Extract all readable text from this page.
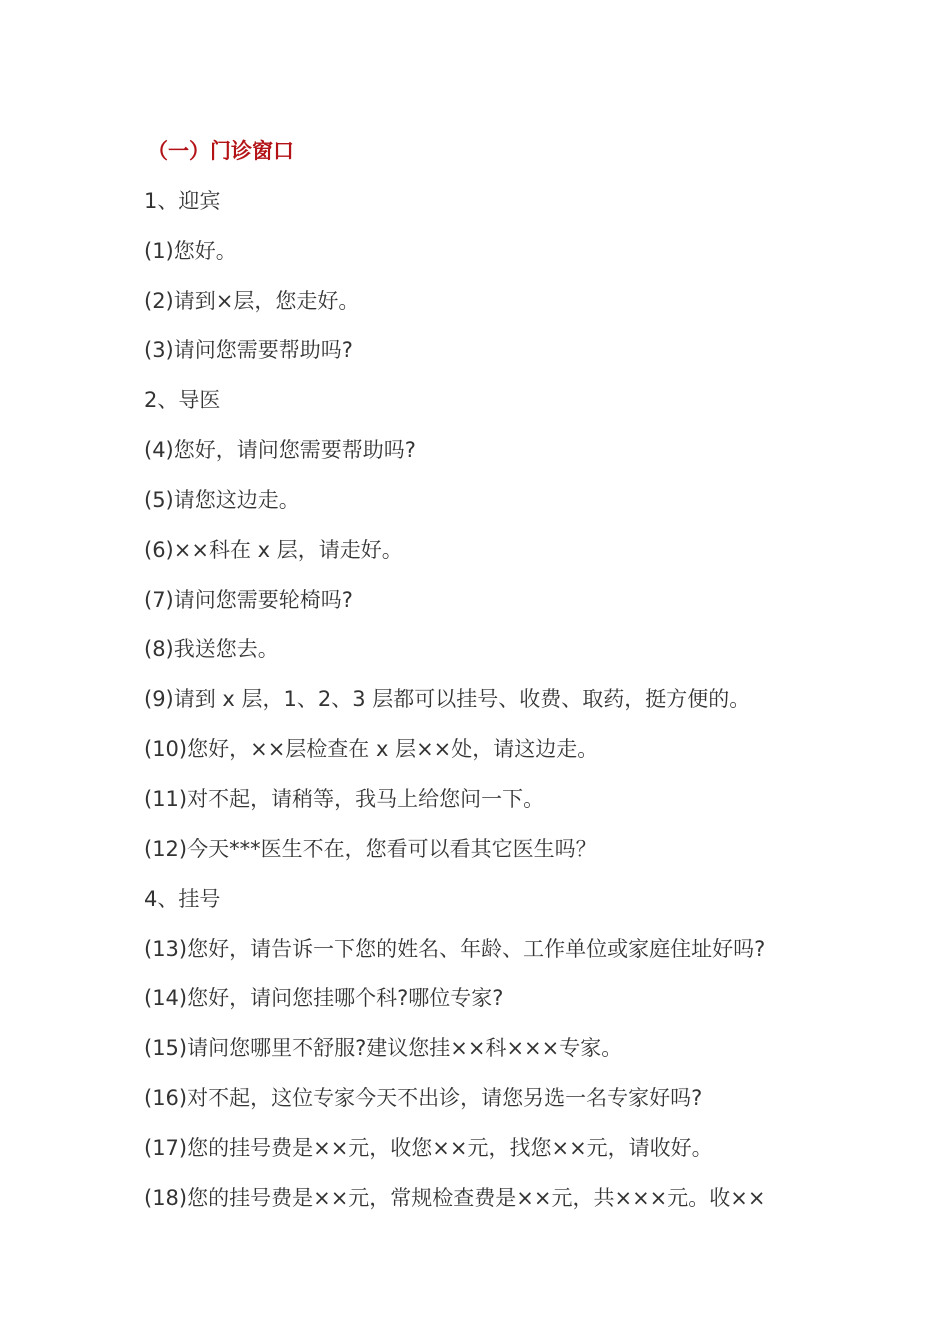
（一）门诊窗口
1、迎宾
(1)您好。
(2)请到×层，您走好。
(3)请问您需要帮助吗?
2、导医
(4)您好，请问您需要帮助吗?
(5)请您这边走。
(6)××科在 x 层，请走好。
(7)请问您需要轮椅吗?
(8)我送您去。
(9)请到 x 层，1、2、3 层都可以挂号、收费、取药，挺方便的。
(10)您好，××层检查在 x 层××处，请这边走。
(11)对不起，请稍等，我马上给您问一下。
(12)今天***医生不在，您看可以看其它医生吗？
4、挂号
(13)您好，请告诉一下您的姓名、年龄、工作单位或家庭住址好吗?
(14)您好，请问您挂哪个科?哪位专家?
(15)请问您哪里不舒服?建议您挂××科×××专家。
(16)对不起，这位专家今天不出诊，请您另选一名专家好吗?
(17)您的挂号费是××元，收您××元，找您××元，请收好。
(18)您的挂号费是××元，常规检查费是××元，共×××元。收××
